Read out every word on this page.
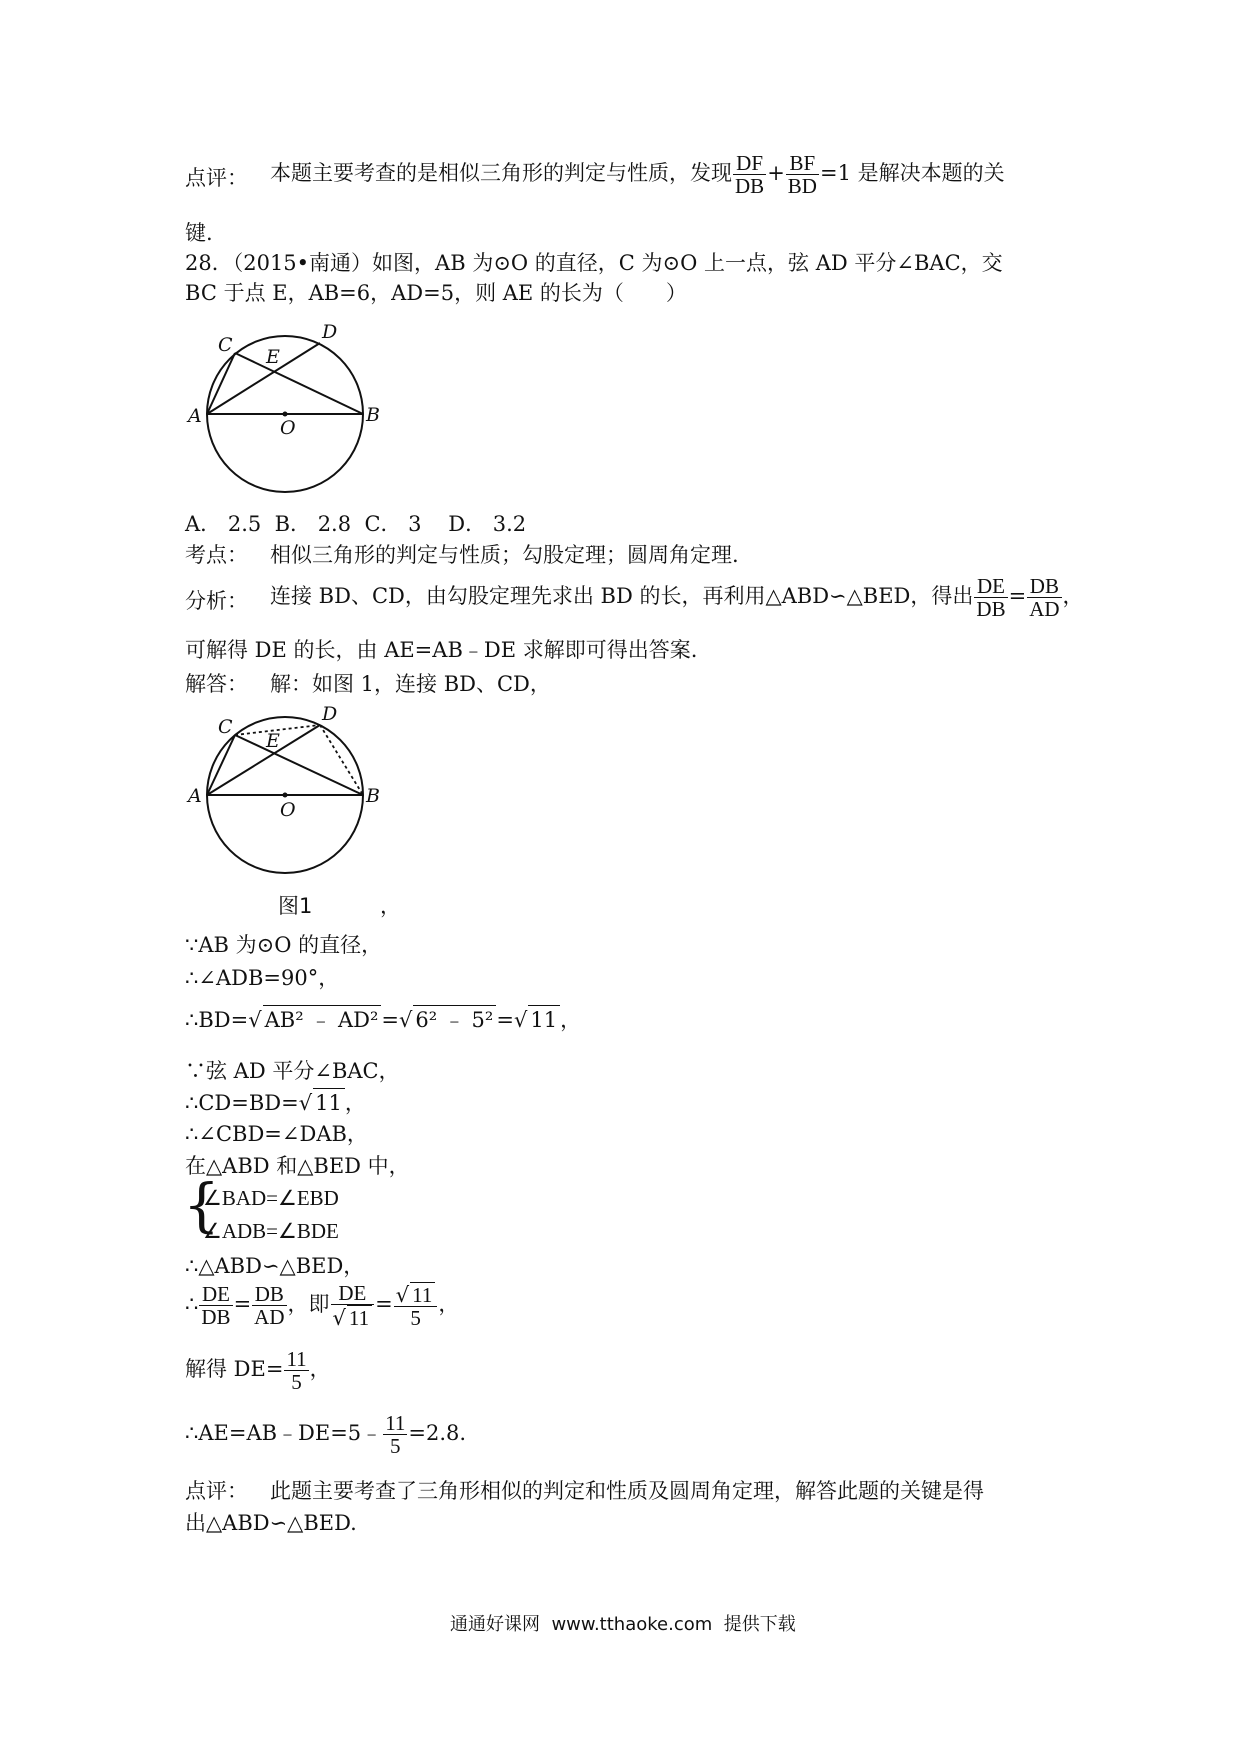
点评： 本题主要考查的是相似三角形的判定与性质，发现 $\frac{DF}{DB} + \frac{BF}{BD} =1$ 是解决本题的关
键.
28．（2015•南通）如图，AB 为⊙O 的直径，C 为⊙O 上一点，弦 AD 平分∠BAC，交
BC 于点 E，AB=6，AD=5，则 AE 的长为（　　）
C
D
E
A	B
O
A． 2.5  B． 2.8  C． 3    D． 3.2
考点： 相似三角形的判定与性质；勾股定理；圆周角定理.
分析： 连接 BD、CD，由勾股定理先求出 BD 的长，再利用△ABD∽△BED，得出 $\frac{DE}{DB} = \frac{DB}{AD}$ ，
可解得 DE 的长，由 AE=AB﹣DE 求解即可得出答案.
解答： 解：如图 1，连接 BD、CD，
C
D
E
A	B
O
图1	，
∵AB 为⊙O 的直径，
∴∠ADB=90°，
∴BD=√ AB² ﹣ AD² =√ 6² ﹣ 5² =√ 11 ，
∵弦 AD 平分∠BAC，
∴CD=BD=√ 11 ，
∴∠CBD=∠DAB，
在△ABD 和△BED 中，
{
∠BAD=∠EBD
∠ADB=∠BDE
∴△ABD∽△BED，
∴ $\frac{DE}{DB} = \frac{DB}{AD}$ ，即 $\frac{DE}{√ 11} = \frac{√ 11}{5}$ ，
解得 $DE= \frac{11}{5}$ ，
∴AE=AB﹣DE=5﹣ $\frac{11}{5} =2.8$.
点评： 此题主要考查了三角形相似的判定和性质及圆周角定理，解答此题的关键是得
出△ABD∽△BED.
通通好课网  www.tthaoke.com  提供下载
